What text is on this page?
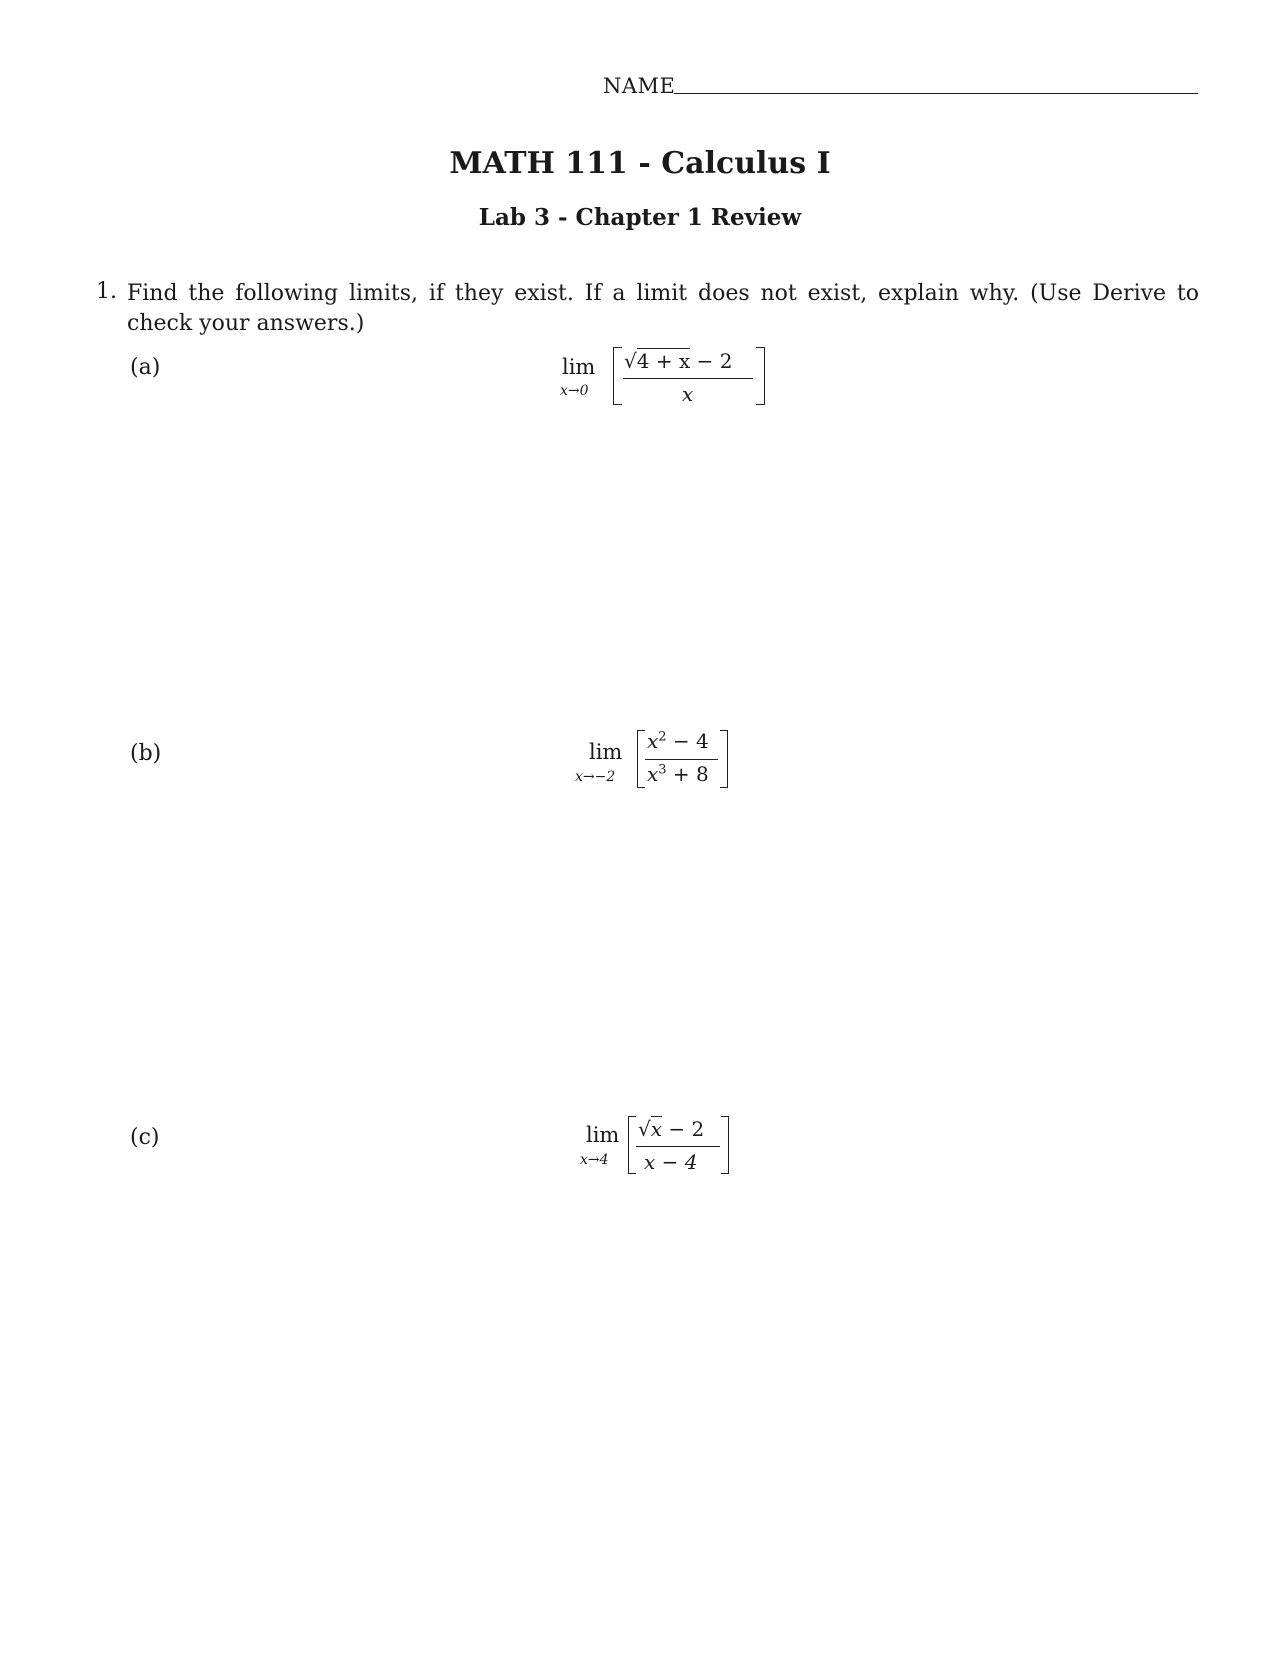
NAME
MATH 111 - Calculus I
Lab 3 - Chapter 1 Review
1. Find the following limits, if they exist. If a limit does not exist, explain why. (Use Derive to check your answers.)
(a)	lim
x→0
√4 + x − 2
x
(b)	lim
x→−2
$x^2 - 4$
$x^3 + 8$
(c)	lim
x→4
√x − 2
x − 4
